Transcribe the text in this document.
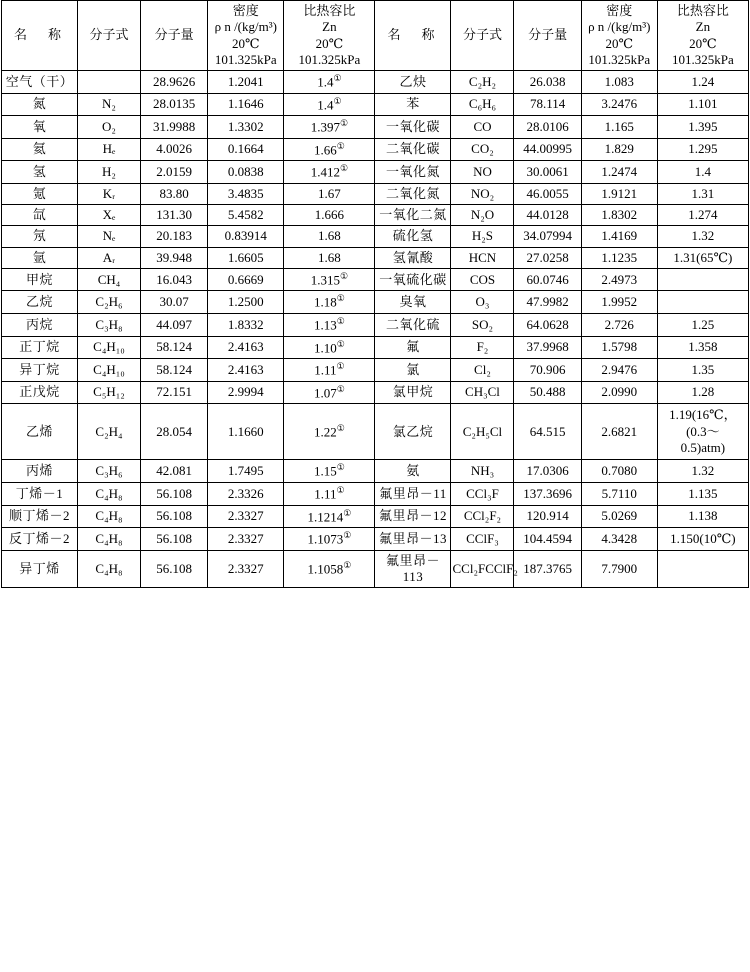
名　称	分子式	分子量	密度
ρ n /(kg/m³)
20℃
101.325kPa	比热容比
Zn
20℃
101.325kPa	名　称	分子式	分子量	密度
ρ n /(kg/m³)
20℃
101.325kPa	比热容比
Zn
20℃
101.325kPa

空气（干）		28.9626	1.2041	1.4①	乙炔	C₂H₂	26.038	1.083	1.24
氮	N₂	28.0135	1.1646	1.4①	苯	C₆H₆	78.114	3.2476	1.101
氧	O₂	31.9988	1.3302	1.397①	一氧化碳	CO	28.0106	1.165	1.395
氦	Hₑ	4.0026	0.1664	1.66①	二氧化碳	CO₂	44.00995	1.829	1.295
氢	H₂	2.0159	0.0838	1.412①	一氧化氮	NO	30.0061	1.2474	1.4
氪	Kᵣ	83.80	3.4835	1.67	二氧化氮	NO₂	46.0055	1.9121	1.31
氙	Xₑ	131.30	5.4582	1.666	一氧化二氮	N₂O	44.0128	1.8302	1.274
氖	Nₑ	20.183	0.83914	1.68	硫化氢	H₂S	34.07994	1.4169	1.32
氩	Aᵣ	39.948	1.6605	1.68	氢氰酸	HCN	27.0258	1.1235	1.31(65℃)
甲烷	CH₄	16.043	0.6669	1.315①	一氧硫化碳	COS	60.0746	2.4973	
乙烷	C₂H₆	30.07	1.2500	1.18①	臭氧	O₃	47.9982	1.9952	
丙烷	C₃H₈	44.097	1.8332	1.13①	二氧化硫	SO₂	64.0628	2.726	1.25
正丁烷	C₄H₁₀	58.124	2.4163	1.10①	氟	F₂	37.9968	1.5798	1.358
异丁烷	C₄H₁₀	58.124	2.4163	1.11①	氯	Cl₂	70.906	2.9476	1.35
正戊烷	C₅H₁₂	72.151	2.9994	1.07①	氯甲烷	CH₃Cl	50.488	2.0990	1.28
乙烯	C₂H₄	28.054	1.1660	1.22①	氯乙烷	C₂H₅Cl	64.515	2.6821	1.19(16℃，
(0.3～
0.5)atm)

丙烯	C₃H₆	42.081	1.7495	1.15①	氨	NH₃	17.0306	0.7080	1.32
丁烯－1	C₄H₈	56.108	2.3326	1.11①	氟里昂－11	CCl₃F	137.3696	5.7110	1.135
顺丁烯－2	C₄H₈	56.108	2.3327	1.1214①	氟里昂－12	CCl₂F₂	120.914	5.0269	1.138
反丁烯－2	C₄H₈	56.108	2.3327	1.1073①	氟里昂－13	CClF₃	104.4594	4.3428	1.150(10℃)
异丁烯	C₄H₈	56.108	2.3327	1.1058①	氟里昂－113	CCl₂FCClF₂	187.3765	7.7900	
